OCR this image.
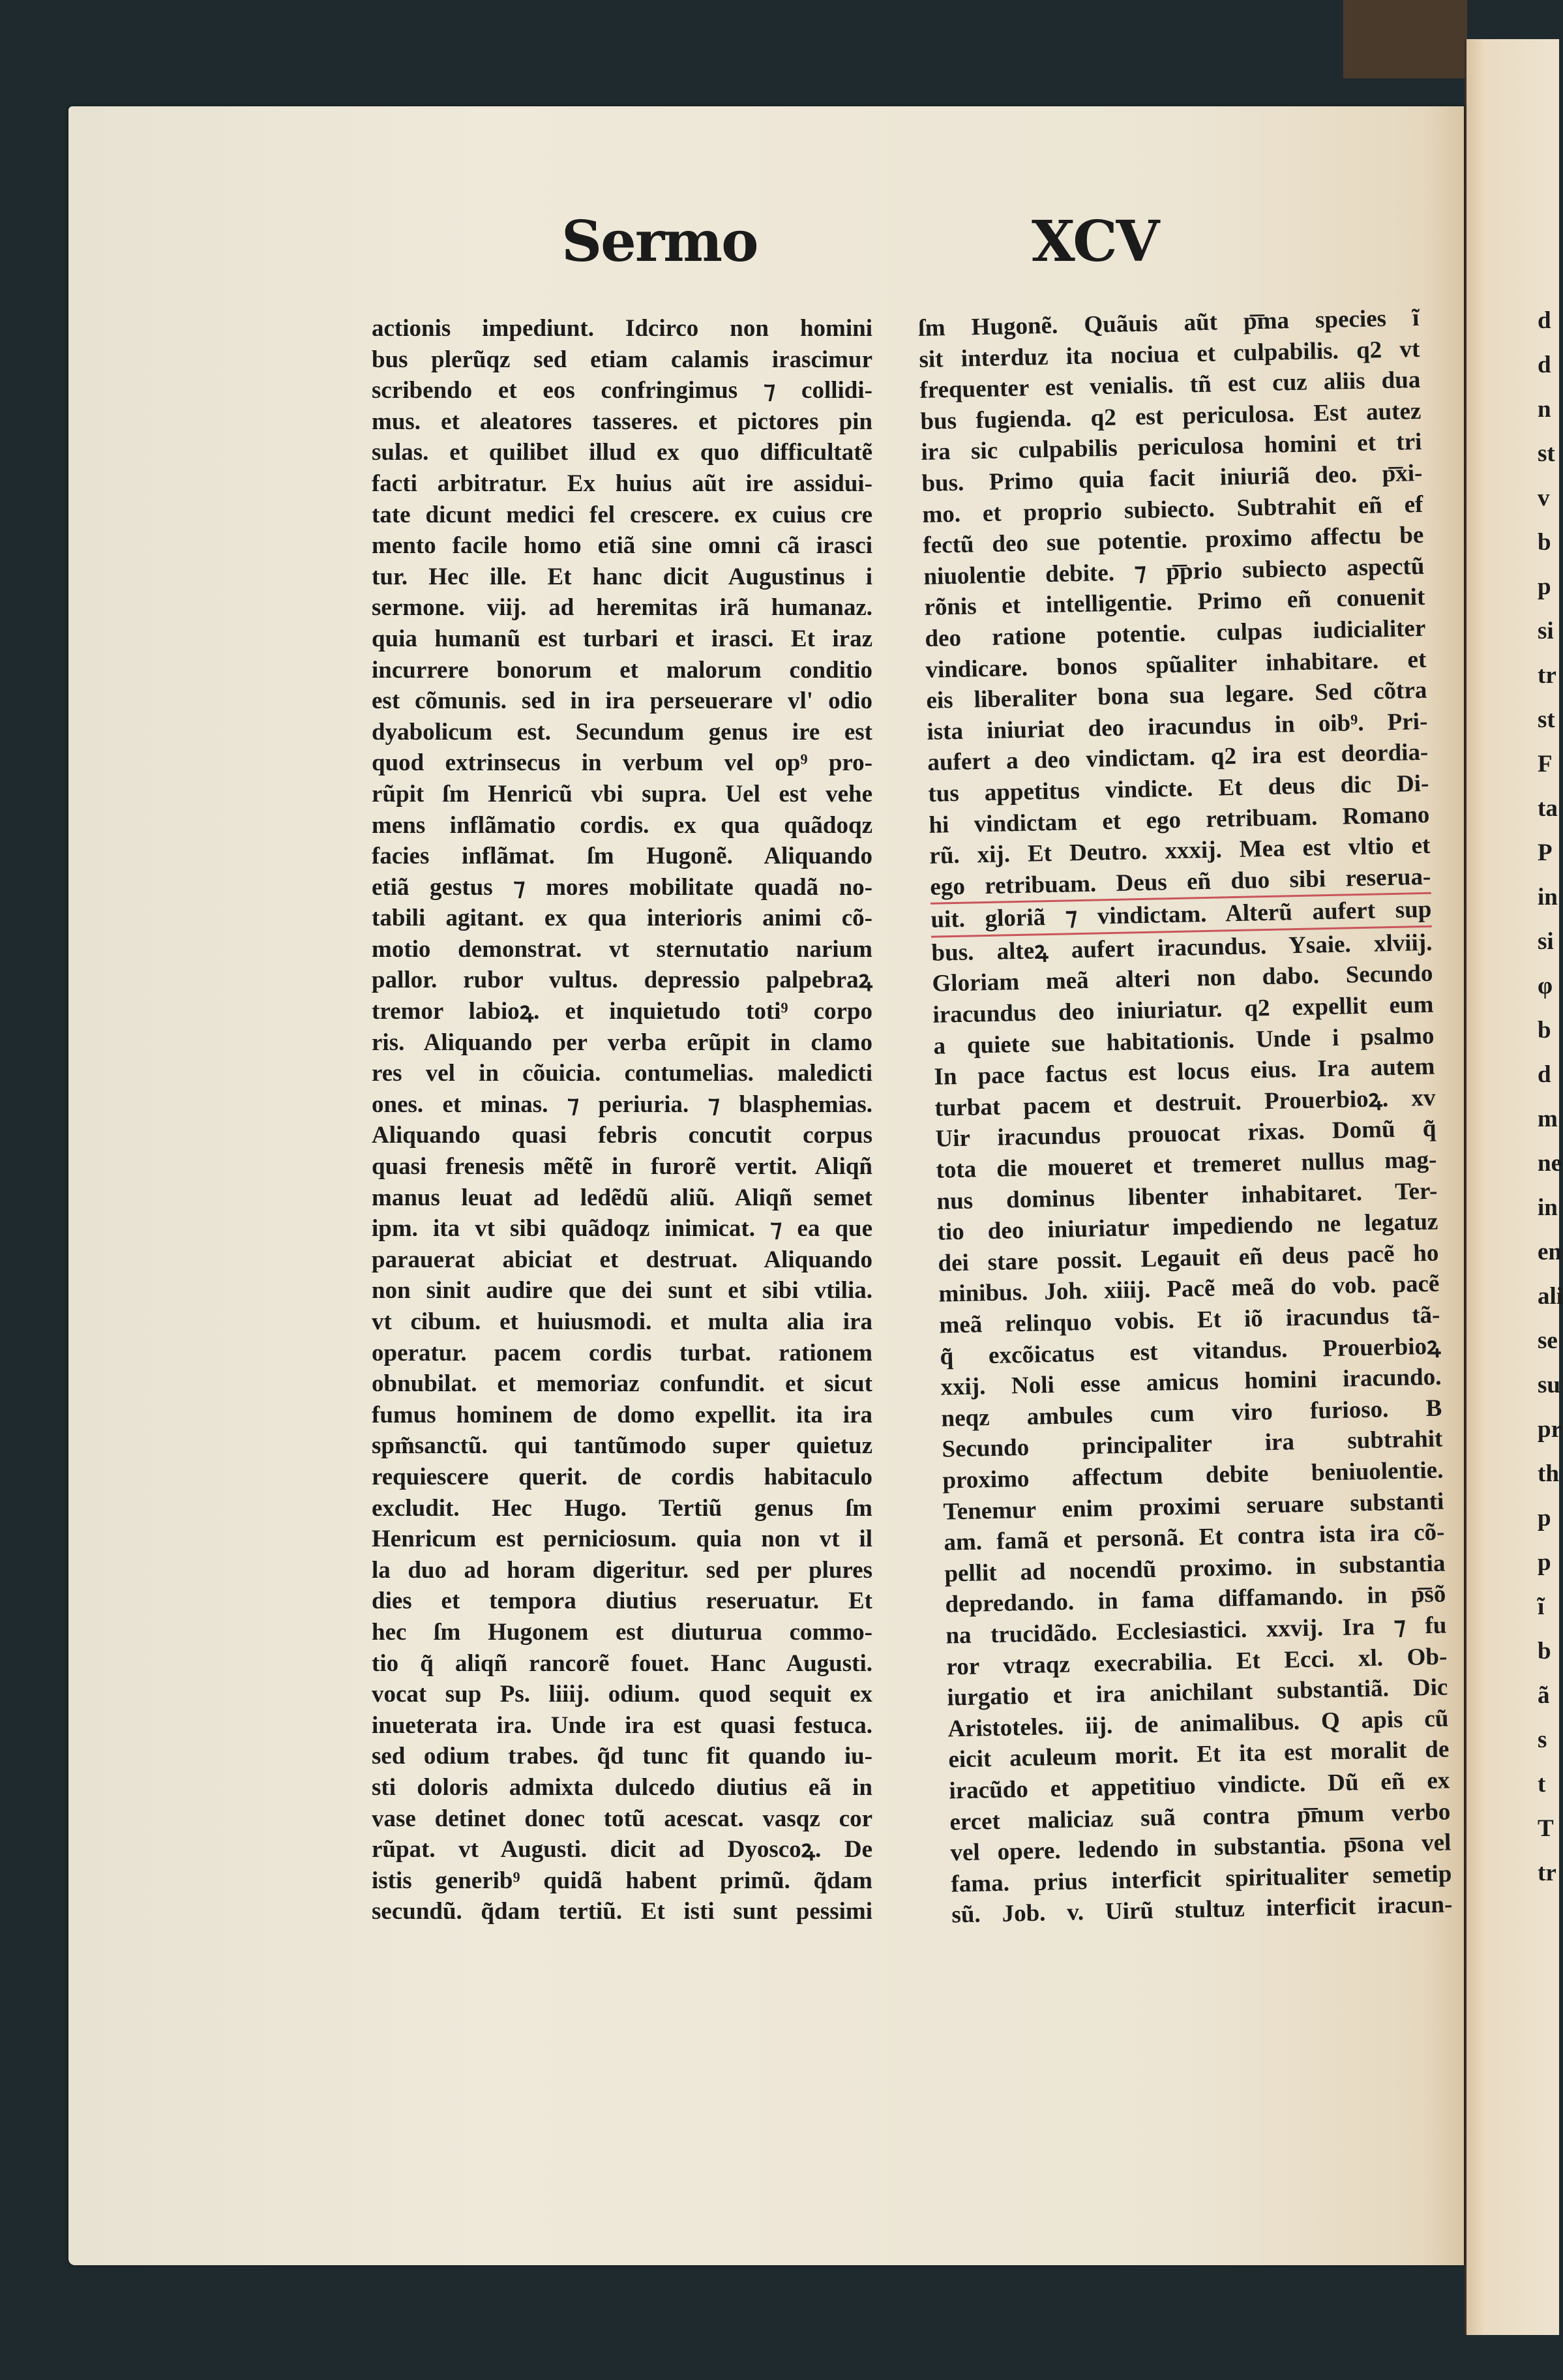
Sermo	XCV
actionis impediunt. Idcirco non homini
bus plerũqz sed etiam calamis irascimur
scribendo et eos confringimus ⁊ collidi-
mus. et aleatores tasseres. et pictores pin
sulas. et quilibet illud ex quo difficultatẽ
facti arbitratur. Ex huius aũt ire assidui-
tate dicunt medici fel crescere. ex cuius cre
mento facile homo etiã sine omni cã irasci
tur. Hec ille. Et hanc dicit Augustinus i
sermone. viij. ad heremitas irã humanaz.
quia humanũ est turbari et irasci. Et iraz
incurrere bonorum et malorum conditio
est cõmunis. sed in ira perseuerare vl' odio
dyabolicum est. Secundum genus ire est
quod extrinsecus in verbum vel op⁹ pro-
rũpit ſm Henricũ vbi supra. Uel est vehe
mens inflãmatio cordis. ex qua quãdoqz
facies inflãmat. ſm Hugonẽ. Aliquando
etiã gestus ⁊ mores mobilitate quadã no-
tabili agitant. ex qua interioris animi cõ-
motio demonstrat. vt sternutatio narium
pallor. rubor vultus. depressio palpebraꝝ
tremor labioꝝ. et inquietudo toti⁹ corpo
ris. Aliquando per verba erũpit in clamo
res vel in cõuicia. contumelias. maledicti
ones. et minas. ⁊ periuria. ⁊ blasphemias.
Aliquando quasi febris concutit corpus
quasi frenesis mẽtẽ in furorẽ vertit. Aliqñ
manus leuat ad ledẽdũ aliũ. Aliqñ semet
ipm. ita vt sibi quãdoqz inimicat. ⁊ ea que
parauerat abiciat et destruat. Aliquando
non sinit audire que dei sunt et sibi vtilia.
vt cibum. et huiusmodi. et multa alia ira
operatur. pacem cordis turbat. rationem
obnubilat. et memoriaz confundit. et sicut
fumus hominem de domo expellit. ita ira
spm̃sanctũ. qui tantũmodo super quietuz
requiescere querit. de cordis habitaculo
excludit. Hec Hugo. Tertiũ genus ſm
Henricum est perniciosum. quia non vt il
la duo ad horam digeritur. sed per plures
dies et tempora diutius reseruatur. Et
hec ſm Hugonem est diuturua commo-
tio q̃ aliqñ rancorẽ fouet. Hanc Augusti.
vocat sup Ps. liiij. odium. quod sequit ex
inueterata ira. Unde ira est quasi festuca.
sed odium trabes. q̃d tunc fit quando iu-
sti doloris admixta dulcedo diutius eã in
vase detinet donec totũ acescat. vasqz cor
rũpat. vt Augusti. dicit ad Dyoscoꝝ. De
istis generib⁹ quidã habent primũ. q̃dam
secundũ. q̃dam tertiũ. Et isti sunt pessimi
ſm Hugonẽ. Quãuis aũt p͞ma species ĩ
sit interduz ita nociua et culpabilis. q2 vt
frequenter est venialis. tñ est cuz aliis dua
bus fugienda. q2 est periculosa. Est autez
ira sic culpabilis periculosa homini et tri
bus. Primo quia facit iniuriã deo. p͞xi-
mo. et proprio subiecto. Subtrahit eñ ef
fectũ deo sue potentie. proximo affectu be
niuolentie debite. ⁊ p͞prio subiecto aspectũ
rõnis et intelligentie. Primo eñ conuenit
deo ratione potentie. culpas iudicialiter
vindicare. bonos spũaliter inhabitare. et
eis liberaliter bona sua legare. Sed cõtra
ista iniuriat deo iracundus in oib⁹. Pri-
aufert a deo vindictam. q2 ira est deordia-
tus appetitus vindicte. Et deus dic Di-
hi vindictam et ego retribuam. Romano
rũ. xij. Et Deutro. xxxij. Mea est vltio et
ego retribuam. Deus eñ duo sibi reserua-
uit. gloriã ⁊ vindictam. Alterũ aufert sup
bus. alteꝝ aufert iracundus. Ysaie. xlviij.
Gloriam meã alteri non dabo. Secundo
iracundus deo iniuriatur. q2 expellit eum
a quiete sue habitationis. Unde i psalmo
In pace factus est locus eius. Ira autem
turbat pacem et destruit. Prouerbioꝝ. xv
Uir iracundus prouocat rixas. Domũ q̃
tota die moueret et tremeret nullus mag-
nus dominus libenter inhabitaret. Ter-
tio deo iniuriatur impediendo ne legatuz
dei stare possit. Legauit eñ deus pacẽ ho
minibus. Joh. xiiij. Pacẽ meã do vob. pacẽ
meã relinquo vobis. Et iõ iracundus tã-
q̃ excõicatus est vitandus. Prouerbioꝝ
xxij. Noli esse amicus homini iracundo.
neqz ambules cum viro furioso. B
Secundo principaliter ira subtrahit
proximo affectum debite beniuolentie.
Tenemur enim proximi seruare substanti
am. famã et personã. Et contra ista ira cõ-
pellit ad nocendũ proximo. in substantia
depredando. in fama diffamando. in p͞sõ
na trucidãdo. Ecclesiastici. xxvij. Ira ⁊ fu
ror vtraqz execrabilia. Et Ecci. xl. Ob-
iurgatio et ira anichilant substantiã. Dic
Aristoteles. iij. de animalibus. Q apis cũ
eicit aculeum morit. Et ita est moralit de
iracũdo et appetitiuo vindicte. Dũ eñ ex
ercet maliciaz suã contra p͞mum verbo
vel opere. ledendo in substantia. p͞sona vel
fama. prius interficit spiritualiter semetip
sũ. Job. v. Uirũ stultuz interficit iracun-
d
d
n
st
v
b
p
si
tr
st
F
ta
P
in
si
φ
b
d
m
ne
in
en
ali
se
su
pr
th
p
p
ĩ
b
ã
s
t
T
tr
